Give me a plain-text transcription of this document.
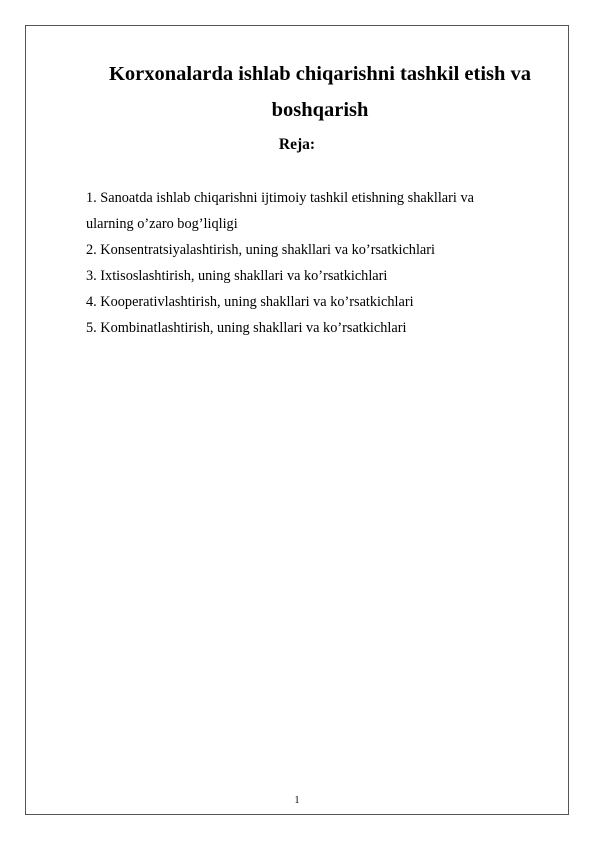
Korxonalarda ishlab chiqarishni tashkil etish va
boshqarish
Reja:
1. Sanoatda ishlab chiqarishni ijtimoiy tashkil etishning shakllari va
ularning o’zaro bog’liqligi
2. Konsentratsiyalashtirish, uning shakllari va ko’rsatkichlari
3. Ixtisoslashtirish, uning shakllari va ko’rsatkichlari
4. Kooperativlashtirish, uning shakllari va ko’rsatkichlari
5. Kombinatlashtirish, uning shakllari va ko’rsatkichlari
1
